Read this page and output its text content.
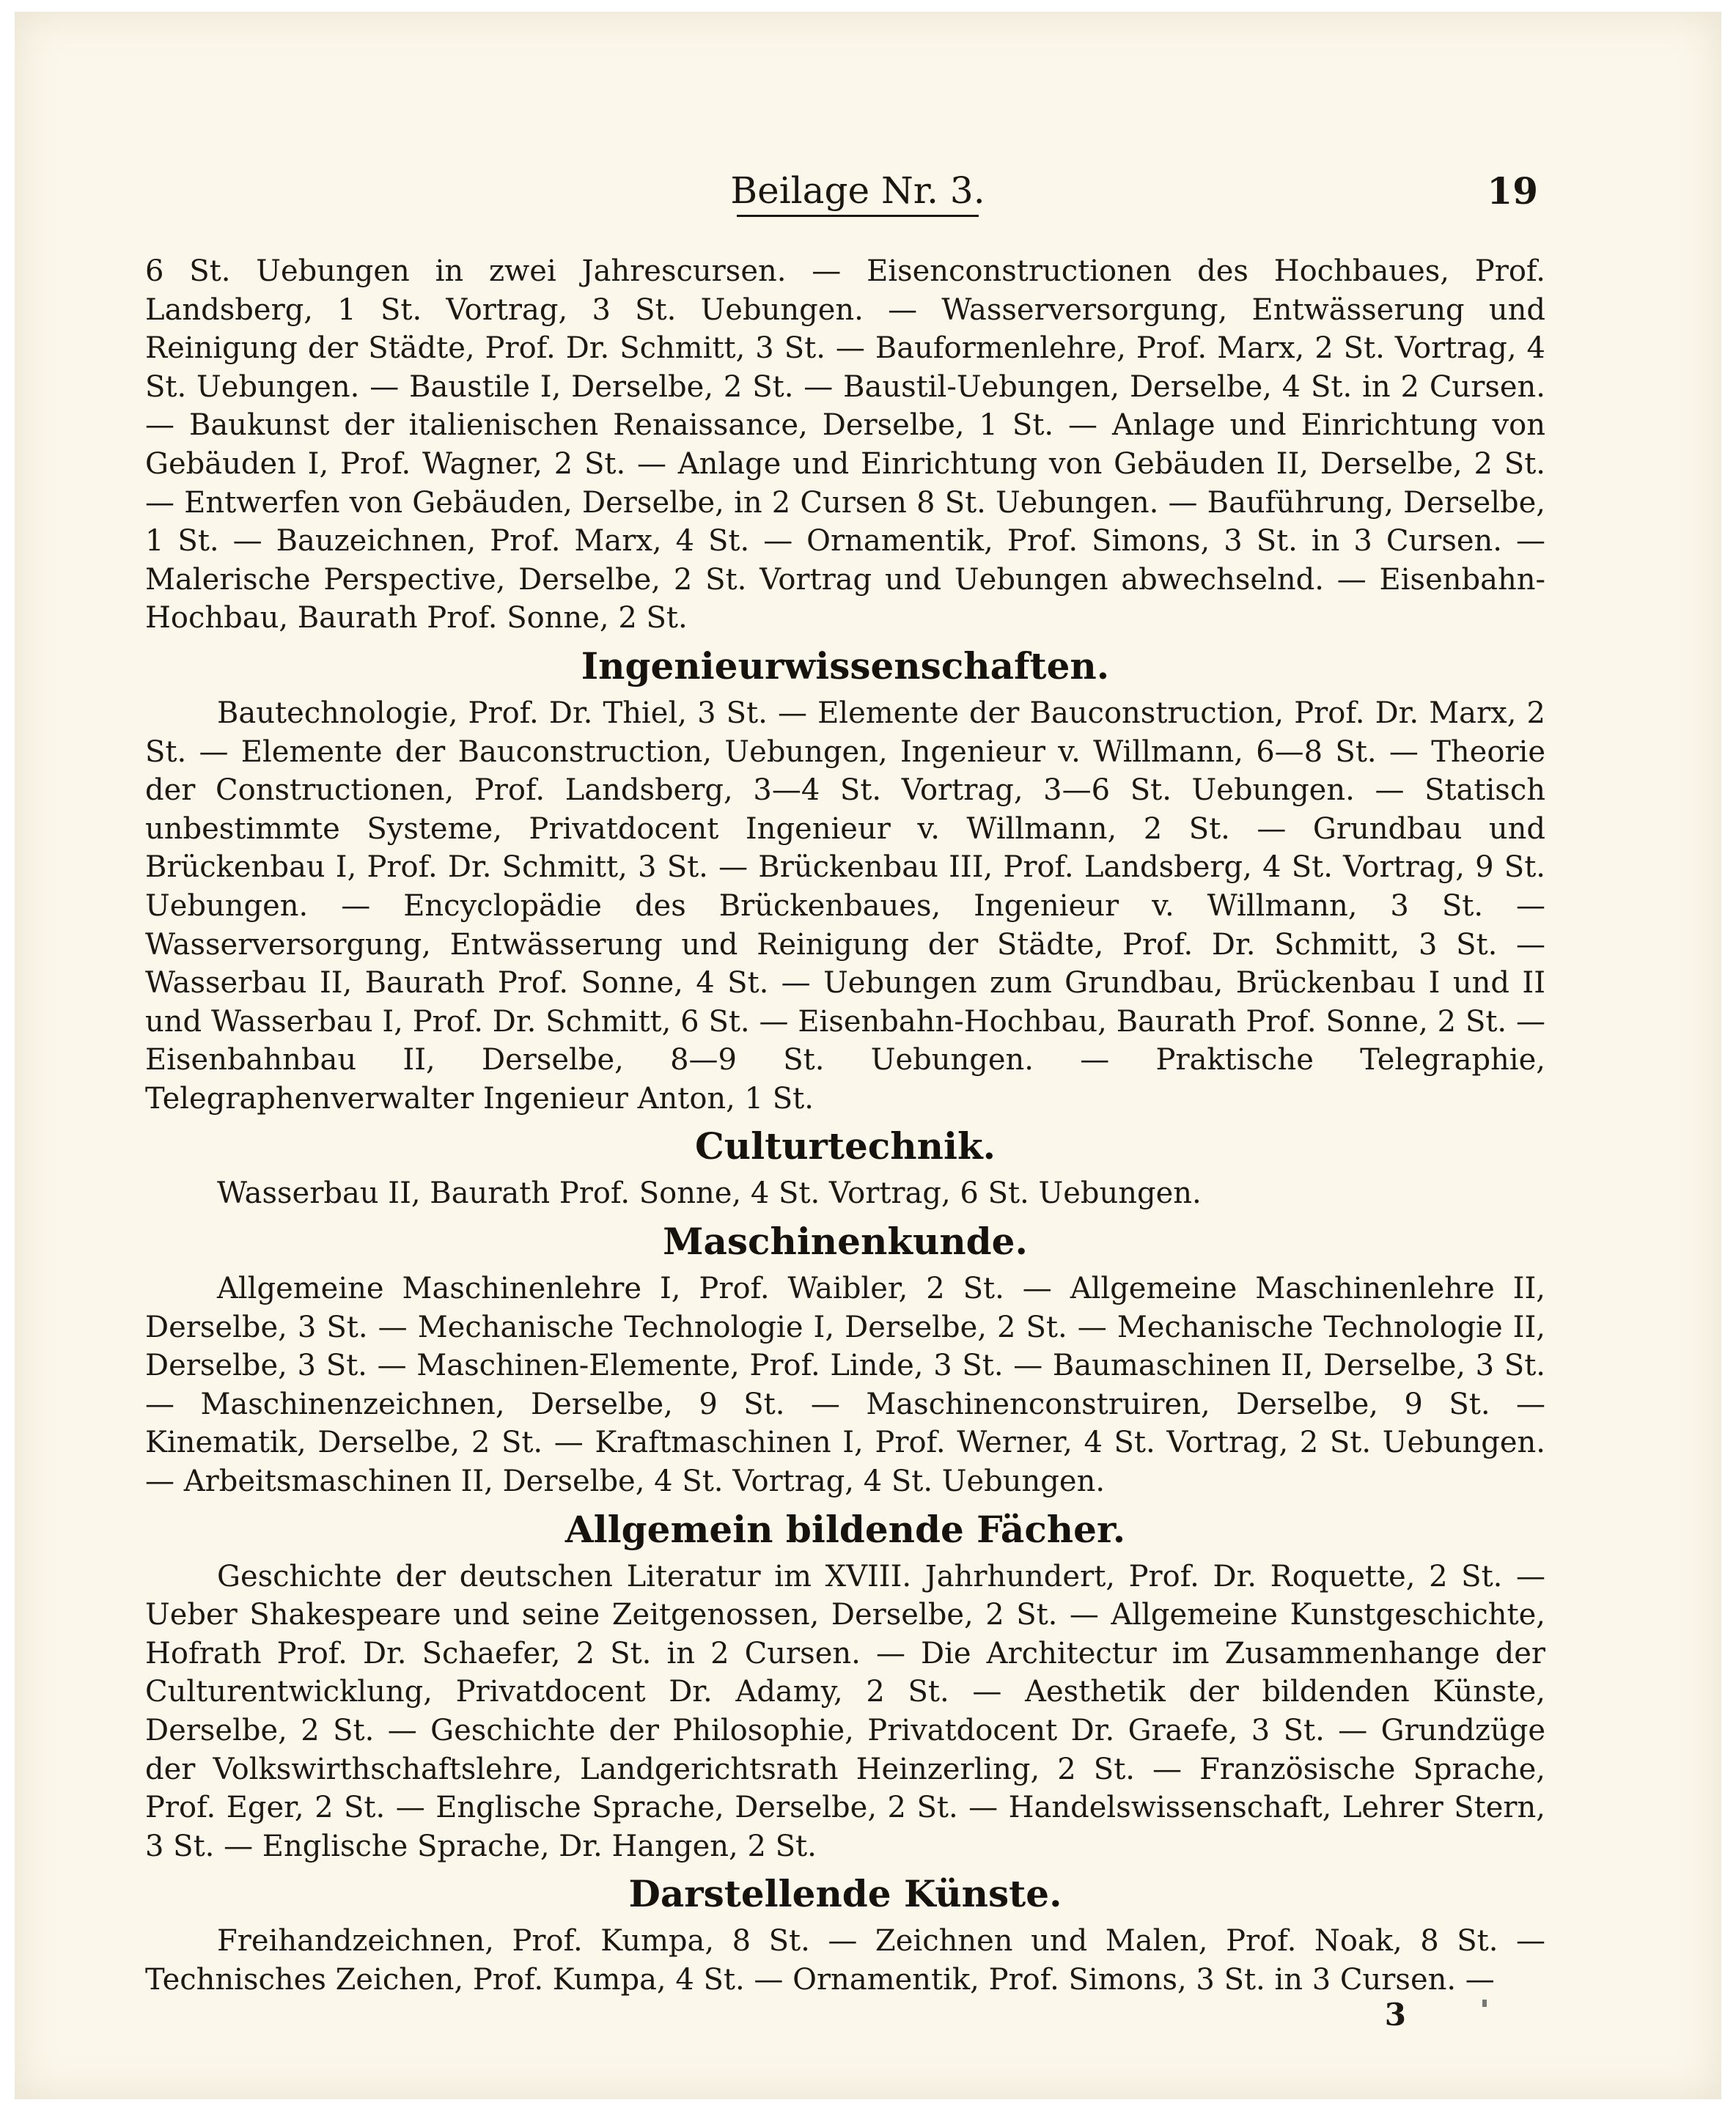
Beilage Nr. 3.	19

6 St. Uebungen in zwei Jahrescursen. — Eisenconstructionen des Hochbaues, Prof. Landsberg, 1 St. Vortrag, 3 St. Uebungen. — Wasserversorgung, Entwässerung und Reinigung der Städte, Prof. Dr. Schmitt, 3 St. — Bauformenlehre, Prof. Marx, 2 St. Vortrag, 4 St. Uebungen. — Baustile I, Derselbe, 2 St. — Baustil-Uebungen, Derselbe, 4 St. in 2 Cursen. — Baukunst der italienischen Renaissance, Derselbe, 1 St. — Anlage und Einrichtung von Gebäuden I, Prof. Wagner, 2 St. — Anlage und Einrichtung von Gebäuden II, Derselbe, 2 St. — Entwerfen von Gebäuden, Derselbe, in 2 Cursen 8 St. Uebungen. — Bauführung, Derselbe, 1 St. — Bauzeichnen, Prof. Marx, 4 St. — Ornamentik, Prof. Simons, 3 St. in 3 Cursen. — Malerische Perspective, Derselbe, 2 St. Vortrag und Uebungen abwechselnd. — Eisenbahn-Hochbau, Baurath Prof. Sonne, 2 St.

Ingenieurwissenschaften.

Bautechnologie, Prof. Dr. Thiel, 3 St. — Elemente der Bauconstruction, Prof. Dr. Marx, 2 St. — Elemente der Bauconstruction, Uebungen, Ingenieur v. Willmann, 6—8 St. — Theorie der Constructionen, Prof. Landsberg, 3—4 St. Vortrag, 3—6 St. Uebungen. — Statisch unbestimmte Systeme, Privatdocent Ingenieur v. Willmann, 2 St. — Grundbau und Brückenbau I, Prof. Dr. Schmitt, 3 St. — Brückenbau III, Prof. Landsberg, 4 St. Vortrag, 9 St. Uebungen. — Encyclopädie des Brückenbaues, Ingenieur v. Willmann, 3 St. — Wasserversorgung, Entwässerung und Reinigung der Städte, Prof. Dr. Schmitt, 3 St. — Wasserbau II, Baurath Prof. Sonne, 4 St. — Uebungen zum Grundbau, Brückenbau I und II und Wasserbau I, Prof. Dr. Schmitt, 6 St. — Eisenbahn-Hochbau, Baurath Prof. Sonne, 2 St. — Eisenbahnbau II, Derselbe, 8—9 St. Uebungen. — Praktische Telegraphie, Telegraphenverwalter Ingenieur Anton, 1 St.

Culturtechnik.

Wasserbau II, Baurath Prof. Sonne, 4 St. Vortrag, 6 St. Uebungen.

Maschinenkunde.

Allgemeine Maschinenlehre I, Prof. Waibler, 2 St. — Allgemeine Maschinenlehre II, Derselbe, 3 St. — Mechanische Technologie I, Derselbe, 2 St. — Mechanische Technologie II, Derselbe, 3 St. — Maschinen-Elemente, Prof. Linde, 3 St. — Baumaschinen II, Derselbe, 3 St. — Maschinenzeichnen, Derselbe, 9 St. — Maschinenconstruiren, Derselbe, 9 St. — Kinematik, Derselbe, 2 St. — Kraftmaschinen I, Prof. Werner, 4 St. Vortrag, 2 St. Uebungen. — Arbeitsmaschinen II, Derselbe, 4 St. Vortrag, 4 St. Uebungen.

Allgemein bildende Fächer.

Geschichte der deutschen Literatur im XVIII. Jahrhundert, Prof. Dr. Roquette, 2 St. — Ueber Shakespeare und seine Zeitgenossen, Derselbe, 2 St. — Allgemeine Kunstgeschichte, Hofrath Prof. Dr. Schaefer, 2 St. in 2 Cursen. — Die Architectur im Zusammenhange der Culturentwicklung, Privatdocent Dr. Adamy, 2 St. — Aesthetik der bildenden Künste, Derselbe, 2 St. — Geschichte der Philosophie, Privatdocent Dr. Graefe, 3 St. — Grundzüge der Volkswirthschaftslehre, Landgerichtsrath Heinzerling, 2 St. — Französische Sprache, Prof. Eger, 2 St. — Englische Sprache, Derselbe, 2 St. — Handelswissenschaft, Lehrer Stern, 3 St. — Englische Sprache, Dr. Hangen, 2 St.

Darstellende Künste.

Freihandzeichnen, Prof. Kumpa, 8 St. — Zeichnen und Malen, Prof. Noak, 8 St. — Technisches Zeichen, Prof. Kumpa, 4 St. — Ornamentik, Prof. Simons, 3 St. in 3 Cursen. —

3
